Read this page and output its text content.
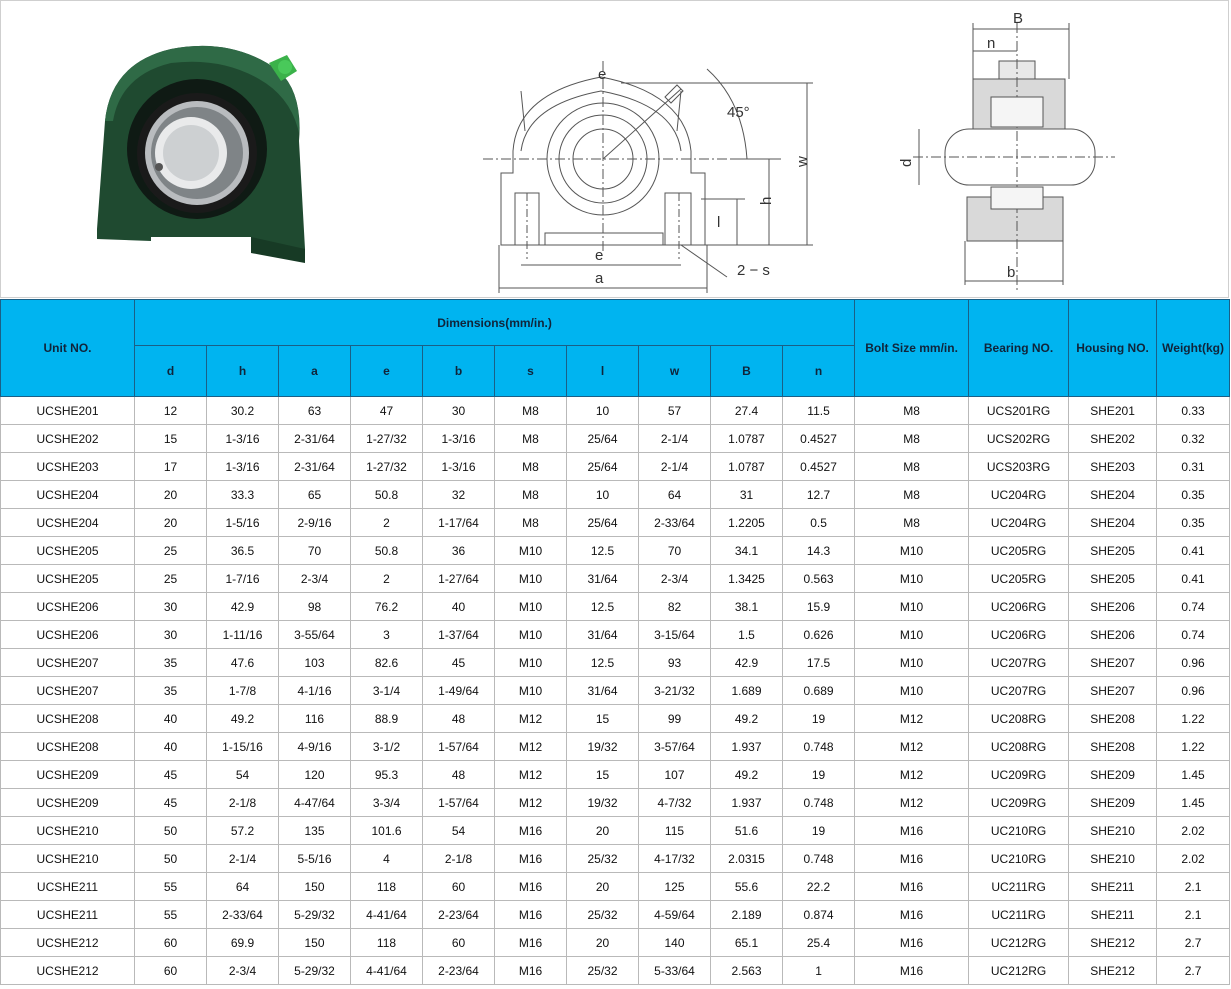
e
45°
w
h
l
e
2 − s
a
B
n
d
b
Unit NO.	Dimensions(mm/in.)										Bolt Size mm/in.	Bearing NO.	Housing NO.	Weight(kg)
	d	h	a	e	b	s	l	w	B	n				
UCSHE201	12	30.2	63	47	30	M8	10	57	27.4	11.5	M8	UCS201RG	SHE201	0.33
UCSHE202	15	1-3/16	2-31/64	1-27/32	1-3/16	M8	25/64	2-1/4	1.0787	0.4527	M8	UCS202RG	SHE202	0.32
UCSHE203	17	1-3/16	2-31/64	1-27/32	1-3/16	M8	25/64	2-1/4	1.0787	0.4527	M8	UCS203RG	SHE203	0.31
UCSHE204	20	33.3	65	50.8	32	M8	10	64	31	12.7	M8	UC204RG	SHE204	0.35
UCSHE204	20	1-5/16	2-9/16	2	1-17/64	M8	25/64	2-33/64	1.2205	0.5	M8	UC204RG	SHE204	0.35
UCSHE205	25	36.5	70	50.8	36	M10	12.5	70	34.1	14.3	M10	UC205RG	SHE205	0.41
UCSHE205	25	1-7/16	2-3/4	2	1-27/64	M10	31/64	2-3/4	1.3425	0.563	M10	UC205RG	SHE205	0.41
UCSHE206	30	42.9	98	76.2	40	M10	12.5	82	38.1	15.9	M10	UC206RG	SHE206	0.74
UCSHE206	30	1-11/16	3-55/64	3	1-37/64	M10	31/64	3-15/64	1.5	0.626	M10	UC206RG	SHE206	0.74
UCSHE207	35	47.6	103	82.6	45	M10	12.5	93	42.9	17.5	M10	UC207RG	SHE207	0.96
UCSHE207	35	1-7/8	4-1/16	3-1/4	1-49/64	M10	31/64	3-21/32	1.689	0.689	M10	UC207RG	SHE207	0.96
UCSHE208	40	49.2	116	88.9	48	M12	15	99	49.2	19	M12	UC208RG	SHE208	1.22
UCSHE208	40	1-15/16	4-9/16	3-1/2	1-57/64	M12	19/32	3-57/64	1.937	0.748	M12	UC208RG	SHE208	1.22
UCSHE209	45	54	120	95.3	48	M12	15	107	49.2	19	M12	UC209RG	SHE209	1.45
UCSHE209	45	2-1/8	4-47/64	3-3/4	1-57/64	M12	19/32	4-7/32	1.937	0.748	M12	UC209RG	SHE209	1.45
UCSHE210	50	57.2	135	101.6	54	M16	20	115	51.6	19	M16	UC210RG	SHE210	2.02
UCSHE210	50	2-1/4	5-5/16	4	2-1/8	M16	25/32	4-17/32	2.0315	0.748	M16	UC210RG	SHE210	2.02
UCSHE211	55	64	150	118	60	M16	20	125	55.6	22.2	M16	UC211RG	SHE211	2.1
UCSHE211	55	2-33/64	5-29/32	4-41/64	2-23/64	M16	25/32	4-59/64	2.189	0.874	M16	UC211RG	SHE211	2.1
UCSHE212	60	69.9	150	118	60	M16	20	140	65.1	25.4	M16	UC212RG	SHE212	2.7
UCSHE212	60	2-3/4	5-29/32	4-41/64	2-23/64	M16	25/32	5-33/64	2.563	1	M16	UC212RG	SHE212	2.7
